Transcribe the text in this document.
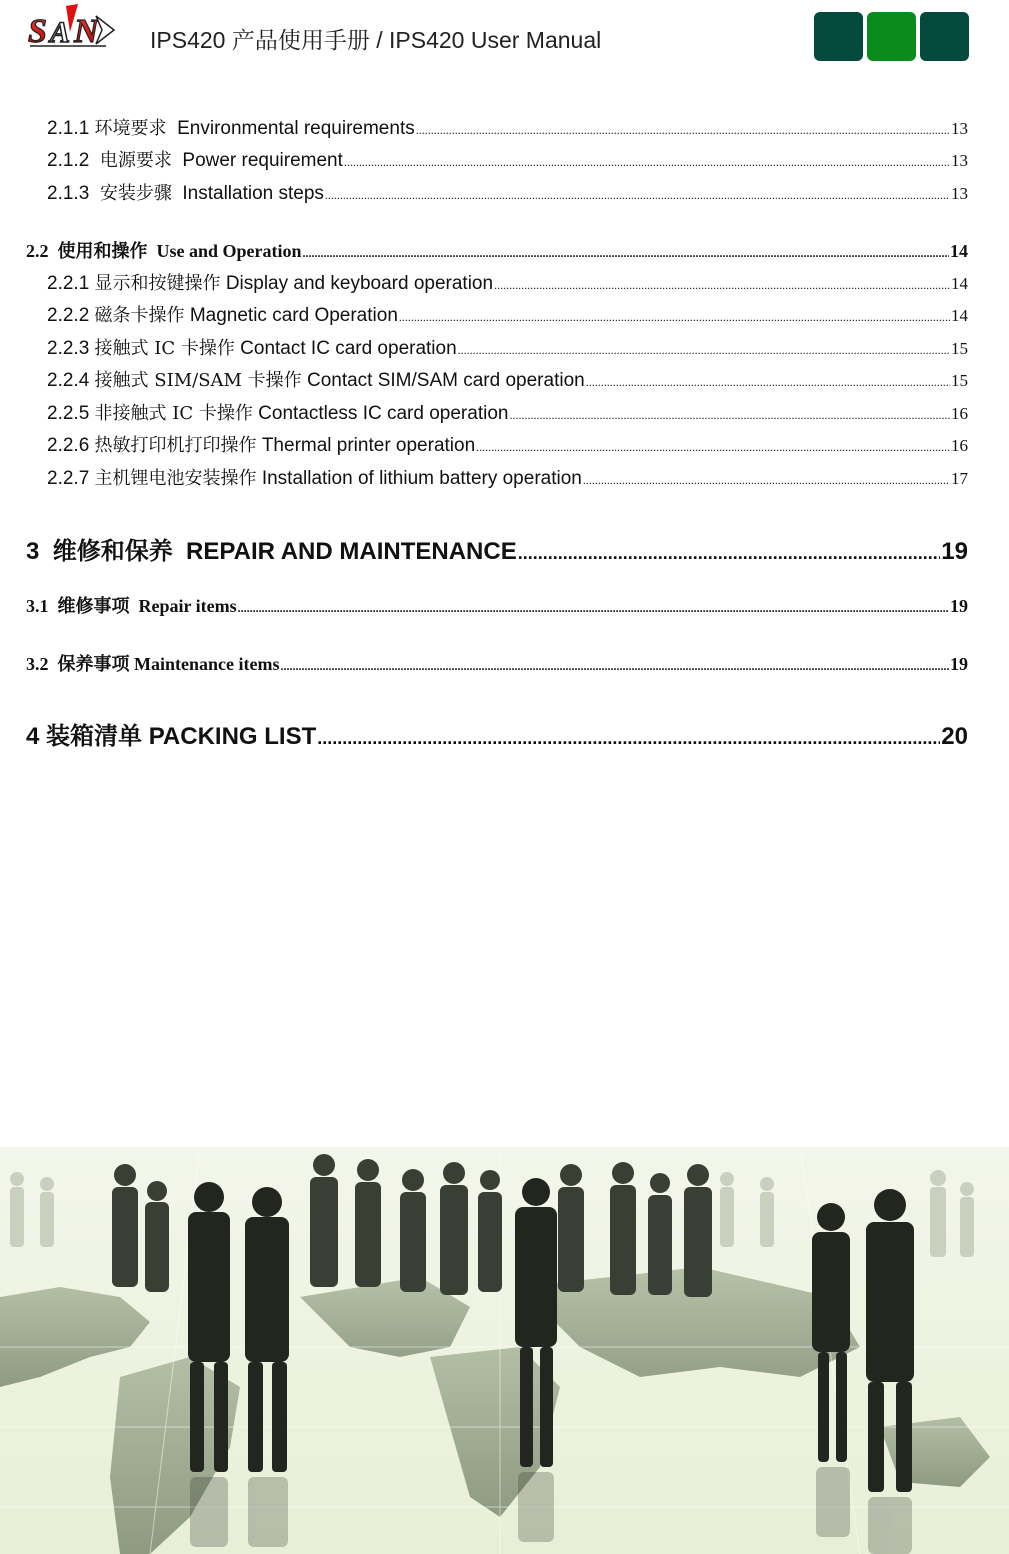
S A N IPS420 产品使用手册 / IPS420 User Manual
2.1.1 环境要求 Environmental requirements .....	13
2.1.2 电源要求 Power requirement .....	13
2.1.3 安装步骤 Installation steps .....	13
2.2 使用和操作 Use and Operation .....	14
2.2.1 显示和按键操作 Display and keyboard operation .....	14
2.2.2 磁条卡操作 Magnetic card Operation .....	14
2.2.3 接触式 IC 卡操作 Contact IC card operation .....	15
2.2.4 接触式 SIM/SAM 卡操作 Contact SIM/SAM card operation .....	15
2.2.5 非接触式 IC 卡操作 Contactless IC card operation .....	16
2.2.6 热敏打印机打印操作 Thermal printer operation .....	16
2.2.7 主机锂电池安装操作 Installation of lithium battery operation .....	17
3 维修和保养 REPAIR AND MAINTENANCE .....	19
3.1 维修事项 Repair items .....	19
3.2 保养事项 Maintenance items .....	19
4 装箱清单 PACKING LIST .....	20
